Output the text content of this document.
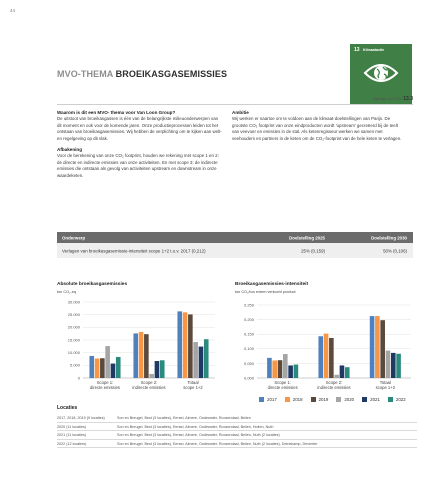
44
13 Klimaatactie
Bijdrage aan SDG 13.3
MVO-THEMA BROEIKASGASEMISSIES
Waarom is dit een MVO- thema voor Van Loon Group?

De uitstoot van broeikasgassen is één van de belangrijkste milieuonderwerpen van dit moment en ook voor de komende jaren. Onze productieprocessen leiden tot het ontstaan van broeikasgasemissies. Wij hebben de verplichting om te kijken aan welt- en regelgeving op dit vlak.

Afbakening

Voor de berekening van onze CO₂ footprint, houden we rekening met scope 1 en 2: de directe en indirecte emissies van onze activiteiten. En met scope 3: de indirecte emissies die ontstaan als gevolg van activiteiten upstream en downstream in onze waardeketen.

Ambitie

Wij werken er naartoe om te voldoen aan de klimaat-doelstellingen van Parijs. De grootste CO₂ footprint van onze eindproducten wordt 'upstream' gecreëerd bij de teelt van veevoer en emissies in de stal. Als ketenregisseur werken we samen met veehouders en partners in de keten om de CO₂-footprint van de hele keten te verlagen.

Onderwerp	Doelstelling 2025	Doelstelling 2030
Verlagen van broeikasgasemissie-intensiteit scope 1+2 t.o.v. 2017 (0,212)	25% (0,159)	50% (0,106)
Absolute broeikasgasemissies
ton CO₂-eq
0
5.000
10.000
15.000
20.000
25.000
30.000
Scope 1:
directe emissies
Scope 2:
indirecte emissies
Totaal
scope 1+2
Broeikasgasemissies-intensiteit
ton CO₂/ton extern verkocht product
0,000
0,050
0,100
0,150
0,200
0,250
Scope 1:
directe emissies
Scope 2:
indirecte emissies
Totaal
scope 1+2
2017	2018	2019	2020	2021	2022
Locaties
2017, 2018, 2019 (9 locaties)	Son en Breugel, Best (3 locaties), Eersel, Almere, Oudewater, Roosendaal, Beilen
2020 (11 locaties)	Son en Breugel, Best (3 locaties), Eersel, Almere, Oudewater, Roosendaal, Beilen, Holten, Nuth
2021 (11 locaties)	Son en Breugel, Best (3 locaties), Eersel, Almere, Oudewater, Roosendaal, Beilen, Nuth (2 locaties)
2022 (12 locaties)	Son en Breugel, Best (3 locaties), Eersel, Almere, Oudewater, Roosendaal, Beilen, Nuth (2 locaties), Deinekamp, Deventer
